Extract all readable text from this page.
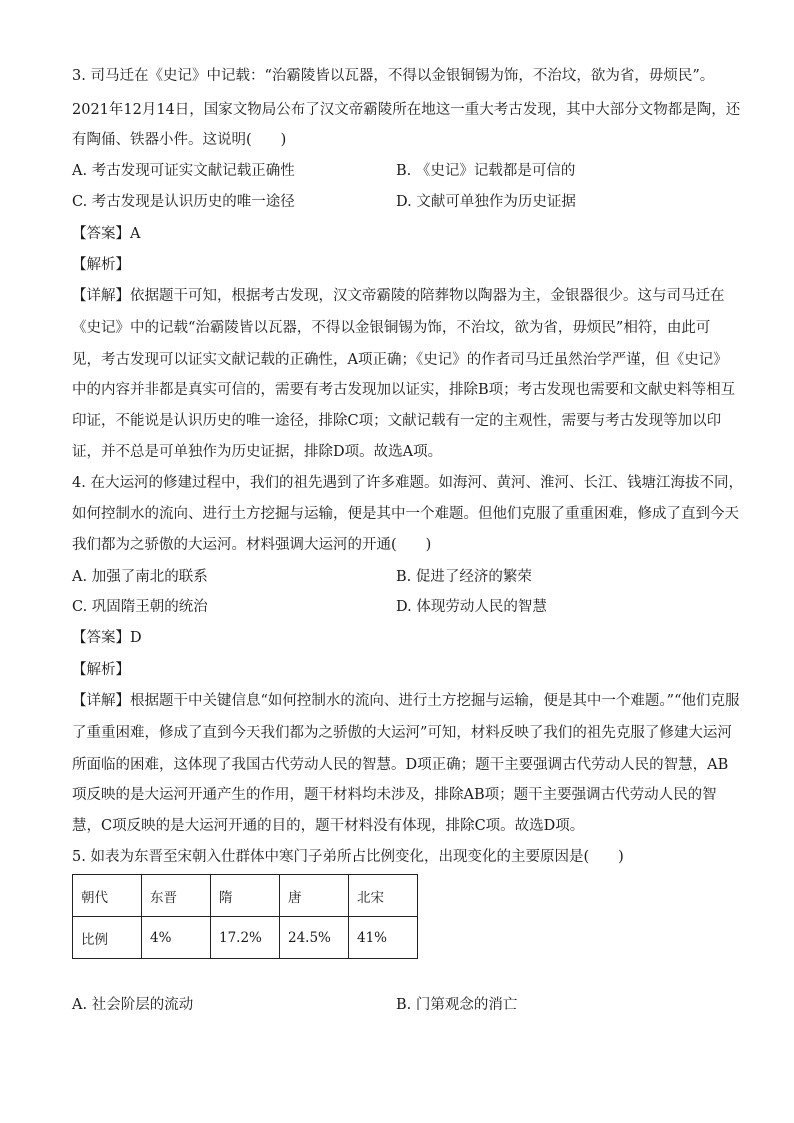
3. 司马迁在《史记》中记载：“治霸陵皆以瓦器，不得以金银铜锡为饰，不治坟，欲为省，毋烦民”。
2021年12月14日，国家文物局公布了汉文帝霸陵所在地这一重大考古发现，其中大部分文物都是陶，还
有陶俑、铁器小件。这说明(　　)
A. 考古发现可证实文献记载正确性	B. 《史记》记载都是可信的
C. 考古发现是认识历史的唯一途径	D. 文献可单独作为历史证据
【答案】A
【解析】
【详解】依据题干可知，根据考古发现，汉文帝霸陵的陪葬物以陶器为主，金银器很少。这与司马迁在
《史记》中的记载“治霸陵皆以瓦器，不得以金银铜锡为饰，不治坟，欲为省，毋烦民”相符，由此可
见，考古发现可以证实文献记载的正确性，A项正确；《史记》的作者司马迁虽然治学严谨，但《史记》
中的内容并非都是真实可信的，需要有考古发现加以证实，排除B项；考古发现也需要和文献史料等相互
印证，不能说是认识历史的唯一途径，排除C项；文献记载有一定的主观性，需要与考古发现等加以印
证，并不总是可单独作为历史证据，排除D项。故选A项。
4. 在大运河的修建过程中，我们的祖先遇到了许多难题。如海河、黄河、淮河、长江、钱塘江海拔不同，
如何控制水的流向、进行土方挖掘与运输，便是其中一个难题。但他们克服了重重困难，修成了直到今天
我们都为之骄傲的大运河。材料强调大运河的开通(　　)
A. 加强了南北的联系	B. 促进了经济的繁荣
C. 巩固隋王朝的统治	D. 体现劳动人民的智慧
【答案】D
【解析】
【详解】根据题干中关键信息“如何控制水的流向、进行土方挖掘与运输，便是其中一个难题。”“他们克服
了重重困难，修成了直到今天我们都为之骄傲的大运河”可知，材料反映了我们的祖先克服了修建大运河
所面临的困难，这体现了我国古代劳动人民的智慧。D项正确；题干主要强调古代劳动人民的智慧，AB
项反映的是大运河开通产生的作用，题干材料均未涉及，排除AB项；题干主要强调古代劳动人民的智
慧，C项反映的是大运河开通的目的，题干材料没有体现，排除C项。故选D项。
5. 如表为东晋至宋朝入仕群体中寒门子弟所占比例变化，出现变化的主要原因是(　　)
朝代	东晋	隋	唐	北宋
比例	4%	17.2%	24.5%	41%
A. 社会阶层的流动	B. 门第观念的消亡
